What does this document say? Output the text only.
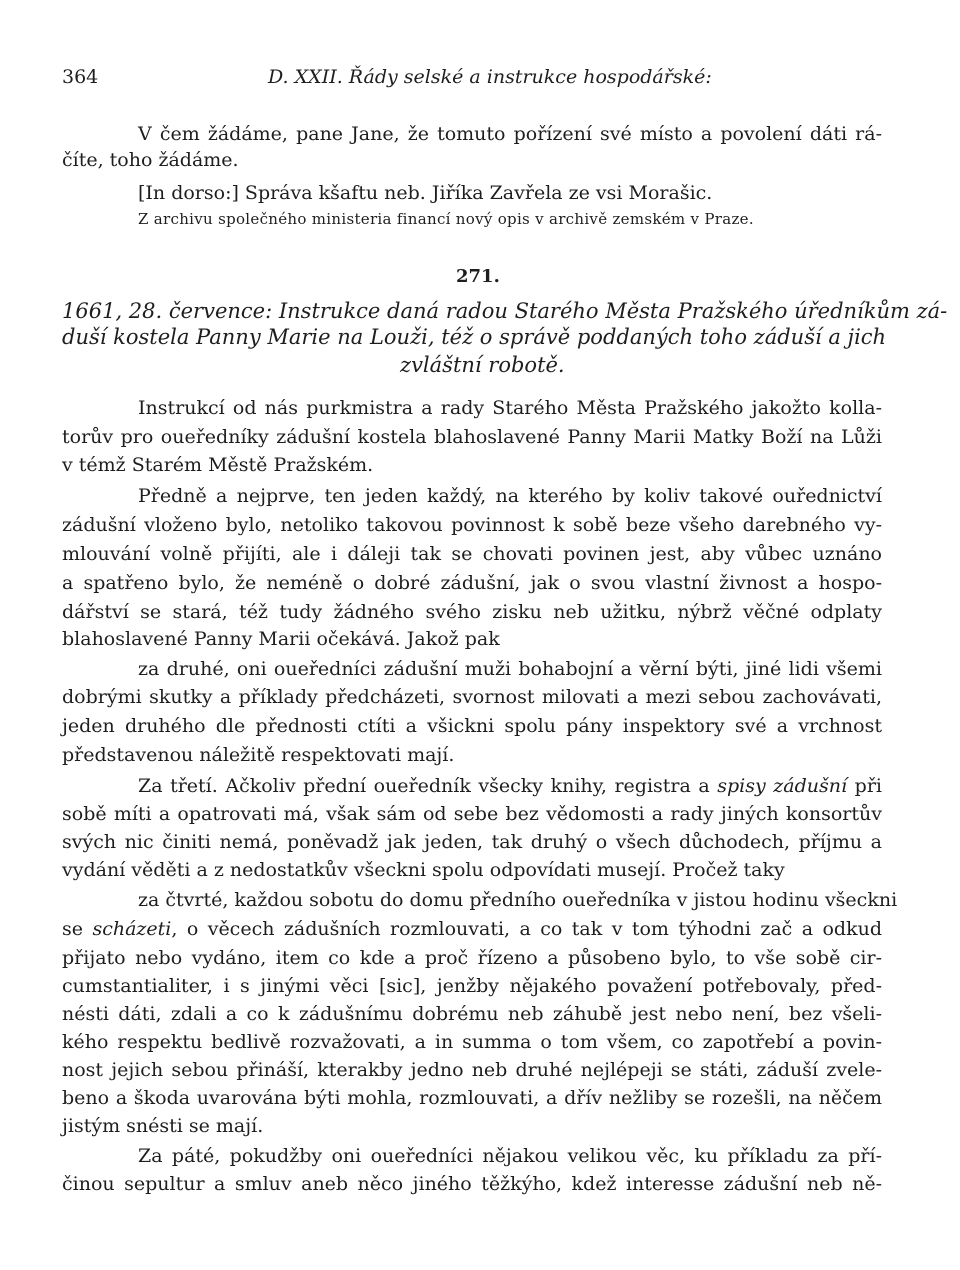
364	D. XXII. Řády selské a instrukce hospodářské:
V čem žádáme, pane Jane, že tomuto pořízení své místo a povolení dáti rá-
číte, toho žádáme.
[In dorso:] Správa kšaftu neb. Jiříka Zavřela ze vsi Morašic.
Z archivu společného ministeria financí nový opis v archivě zemském v Praze.
271.
1661, 28. července: Instrukce daná radou Starého Města Pražského úředníkům zá-
duší kostela Panny Marie na Louži, též o správě poddaných toho záduší a jich
zvláštní robotě.
Instrukcí od nás purkmistra a rady Starého Města Pražského jakožto kolla-
torův pro oueředníky zádušní kostela blahoslavené Panny Marii Matky Boží na Lůži
v témž Starém Městě Pražském.
Předně a nejprve, ten jeden každý, na kterého by koliv takové ouřednictví
zádušní vloženo bylo, netoliko takovou povinnost k sobě beze všeho darebného vy-
mlouvání volně přijíti, ale i dáleji tak se chovati povinen jest, aby vůbec uznáno
a spatřeno bylo, že neméně o dobré zádušní, jak o svou vlastní živnost a hospo-
dářství se stará, též tudy žádného svého zisku neb užitku, nýbrž věčné odplaty
blahoslavené Panny Marii očekává. Jakož pak
za druhé, oni oueředníci zádušní muži bohabojní a věrní býti, jiné lidi všemi
dobrými skutky a příklady předcházeti, svornost milovati a mezi sebou zachovávati,
jeden druhého dle přednosti ctíti a všickni spolu pány inspektory své a vrchnost
představenou náležitě respektovati mají.
Za třetí. Ačkoliv přední oueředník všecky knihy, registra a spisy zádušní při
sobě míti a opatrovati má, však sám od sebe bez vědomosti a rady jiných konsortův
svých nic činiti nemá, poněvadž jak jeden, tak druhý o všech důchodech, příjmu a
vydání věděti a z nedostatkův všeckni spolu odpovídati musejí. Pročež taky
za čtvrté, každou sobotu do domu předního oueředníka v jistou hodinu všeckni
se scházeti, o věcech zádušních rozmlouvati, a co tak v tom týhodni zač a odkud
přijato nebo vydáno, item co kde a proč řízeno a působeno bylo, to vše sobě cir-
cumstantialiter, i s jinými věci [sic], jenžby nějakého považení potřebovaly, před-
nésti dáti, zdali a co k zádušnímu dobrému neb záhubě jest nebo není, bez všeli-
kého respektu bedlivě rozvažovati, a in summa o tom všem, co zapotřebí a povin-
nost jejich sebou přináší, kterakby jedno neb druhé nejlépeji se státi, záduší zvele-
beno a škoda uvarována býti mohla, rozmlouvati, a dřív nežliby se rozešli, na něčem
jistým snésti se mají.
Za páté, pokudžby oni oueředníci nějakou velikou věc, ku příkladu za pří-
činou sepultur a smluv aneb něco jiného těžkýho, kdež interesse zádušní neb ně-
